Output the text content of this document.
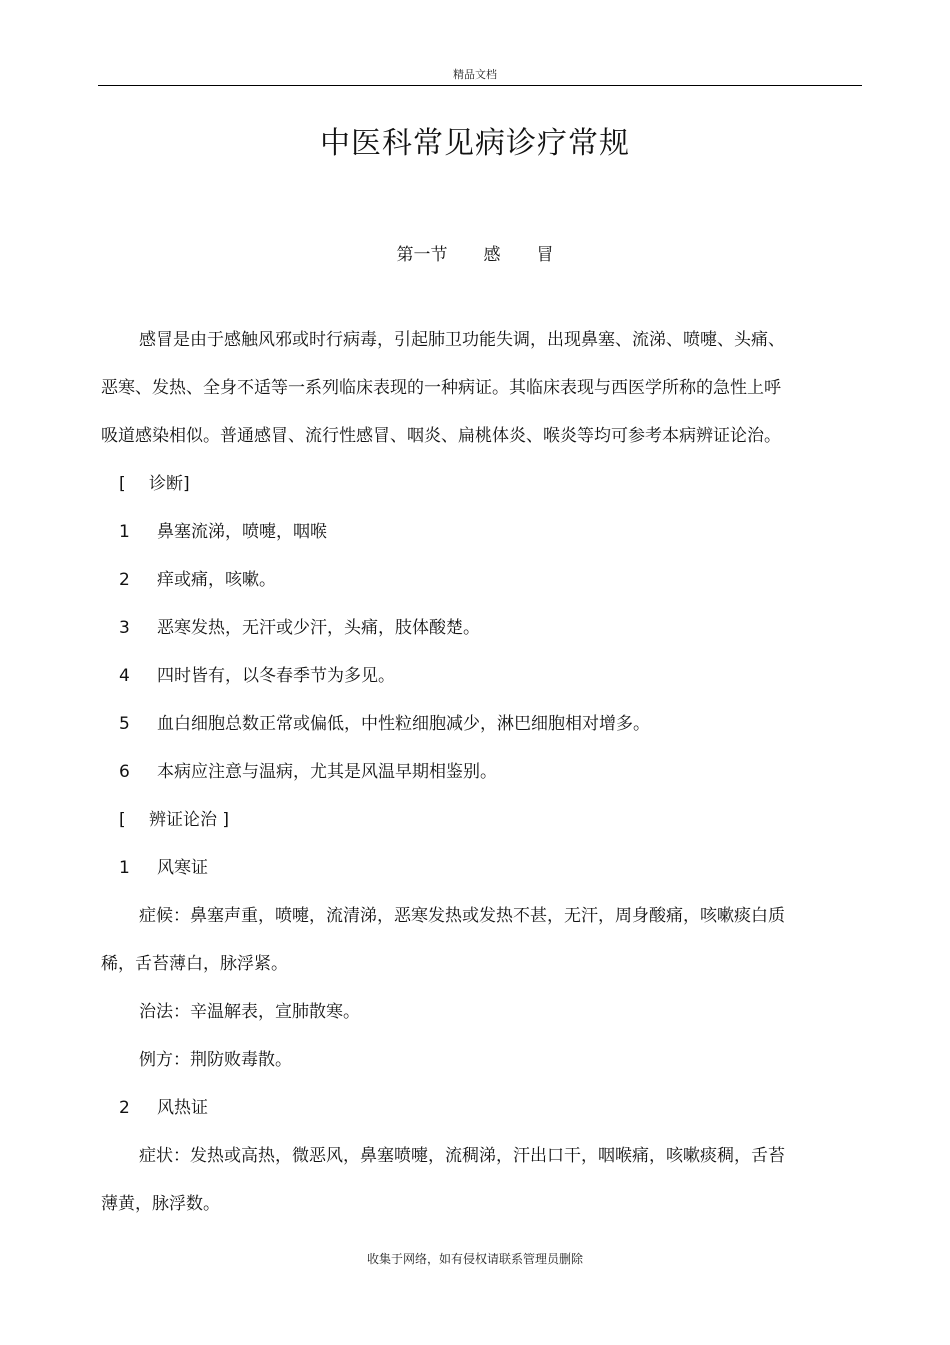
精品文档
中医科常见病诊疗常规
第一节 感 冒
感冒是由于感触风邪或时行病毒，引起肺卫功能失调，出现鼻塞、流涕、喷嚏、头痛、
恶寒、发热、全身不适等一系列临床表现的一种病证。其临床表现与西医学所称的急性上呼
吸道感染相似。普通感冒、流行性感冒、咽炎、扁桃体炎、喉炎等均可参考本病辨证论治。
[ 诊断]
1 鼻塞流涕，喷嚏，咽喉
2 痒或痛，咳嗽。
3 恶寒发热，无汗或少汗，头痛，肢体酸楚。
4 四时皆有，以冬春季节为多见。
5 血白细胞总数正常或偏低，中性粒细胞减少，淋巴细胞相对增多。
6 本病应注意与温病，尤其是风温早期相鉴别。
[ 辨证论治 ]
1 风寒证
症候：鼻塞声重，喷嚏，流清涕，恶寒发热或发热不甚，无汗，周身酸痛，咳嗽痰白质
稀，舌苔薄白，脉浮紧。
治法：辛温解表，宣肺散寒。
例方：荆防败毒散。
2 风热证
症状：发热或高热，微恶风，鼻塞喷嚏，流稠涕，汗出口干，咽喉痛，咳嗽痰稠，舌苔
薄黄，脉浮数。
收集于网络，如有侵权请联系管理员删除
